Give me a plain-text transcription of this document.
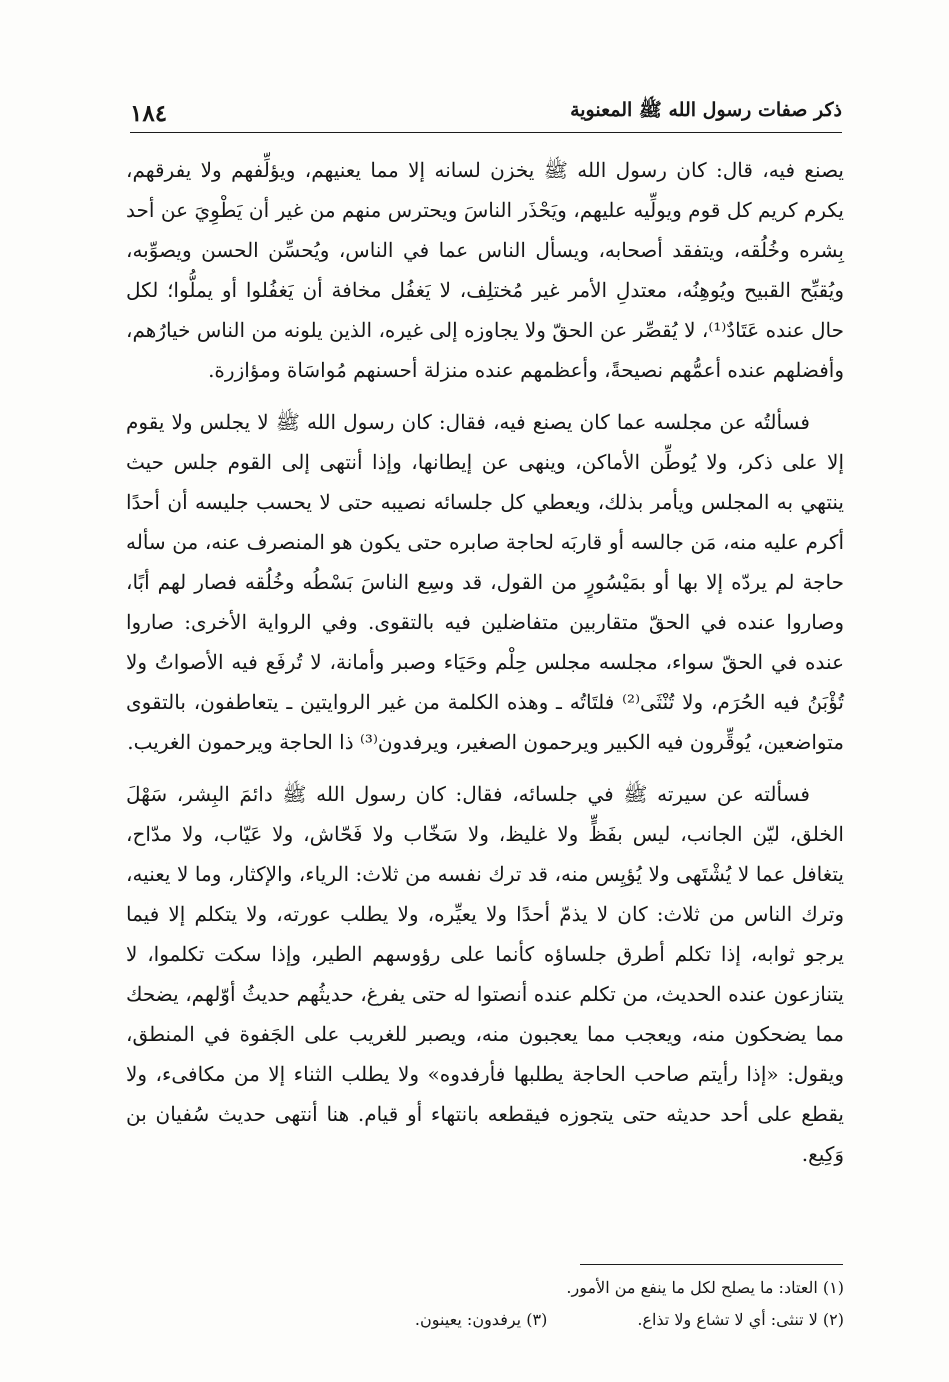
ذكر صفات رسول الله ﷺ المعنوية
١٨٤

يصنع فيه، قال: كان رسول الله ﷺ يخزن لسانه إلا مما يعنيهم، ويؤلِّفهم ولا يفرقهم، يكرم كريم كل قوم ويولِّيه عليهم، ويَحْذَر الناسَ ويحترس منهم من غير أن يَطْوِيَ عن أحد بِشره وخُلُقه، ويتفقد أصحابه، ويسأل الناس عما في الناس، ويُحسِّن الحسن ويصوِّبه، ويُقبِّح القبيح ويُوهِنُه، معتدلِ الأمر غير مُختلِف، لا يَغفُل مخافة أن يَغفُلوا أو يملُّوا؛ لكل حال عنده عَتَادٌ⁽¹⁾، لا يُقصِّر عن الحقّ ولا يجاوزه إلى غيره، الذين يلونه من الناس خيارُهم، وأفضلهم عنده أعمُّهم نصيحةً، وأعظمهم عنده منزلة أحسنهم مُواسَاة ومؤازرة.

فسألتُه عن مجلسه عما كان يصنع فيه، فقال: كان رسول الله ﷺ لا يجلس ولا يقوم إلا على ذكر، ولا يُوطِّن الأماكن، وينهى عن إيطانها، وإذا أنتهى إلى القوم جلس حيث ينتهي به المجلس ويأمر بذلك، ويعطي كل جلسائه نصيبه حتى لا يحسب جليسه أن أحدًا أكرم عليه منه، مَن جالسه أو قاربَه لحاجة صابره حتى يكون هو المنصرف عنه، من سأله حاجة لم يردّه إلا بها أو بمَيْسُورٍ من القول، قد وسِع الناسَ بَسْطُه وخُلُقه فصار لهم أبًا، وصاروا عنده في الحقّ متقاربين متفاضلين فيه بالتقوى. وفي الرواية الأخرى: صاروا عنده في الحقّ سواء، مجلسه مجلس حِلْم وحَيَاء وصبر وأمانة، لا تُرفَع فيه الأصواتُ ولا تُؤْبَنُ فيه الحُرَم، ولا تُنْثَى⁽²⁾ فلتَاتُه ـ وهذه الكلمة من غير الروايتين ـ يتعاطفون، بالتقوى متواضعين، يُوقِّرون فيه الكبير ويرحمون الصغير، ويرفدون⁽³⁾ ذا الحاجة ويرحمون الغريب.

فسألته عن سيرته ﷺ في جلسائه، فقال: كان رسول الله ﷺ دائمَ البِشر، سَهْلَ الخلق، ليّن الجانب، ليس بفَظٍّ ولا غليظ، ولا سَخّاب ولا فَحّاش، ولا عَيّاب، ولا مدّاح، يتغافل عما لا يُشْتَهى ولا يُؤيِس منه، قد ترك نفسه من ثلاث: الرياء، والإكثار، وما لا يعنيه، وترك الناس من ثلاث: كان لا يذمّ أحدًا ولا يعيِّره، ولا يطلب عورته، ولا يتكلم إلا فيما يرجو ثوابه، إذا تكلم أطرق جلساؤه كأنما على رؤوسهم الطير، وإذا سكت تكلموا، لا يتنازعون عنده الحديث، من تكلم عنده أنصتوا له حتى يفرغ، حديثُهم حديثُ أوّلهم، يضحك مما يضحكون منه، ويعجب مما يعجبون منه، ويصبر للغريب على الجَفوة في المنطق، ويقول: «إذا رأيتم صاحب الحاجة يطلبها فأرفدوه» ولا يطلب الثناء إلا من مكافىء، ولا يقطع على أحد حديثه حتى يتجوزه فيقطعه بانتهاء أو قيام. هنا أنتهى حديث سُفيان بن وَكِيع.

(١) العتاد: ما يصلح لكل ما ينفع من الأمور.
(٢) لا تنثى: أي لا تشاع ولا تذاع.
(٣) يرفدون: يعينون.
